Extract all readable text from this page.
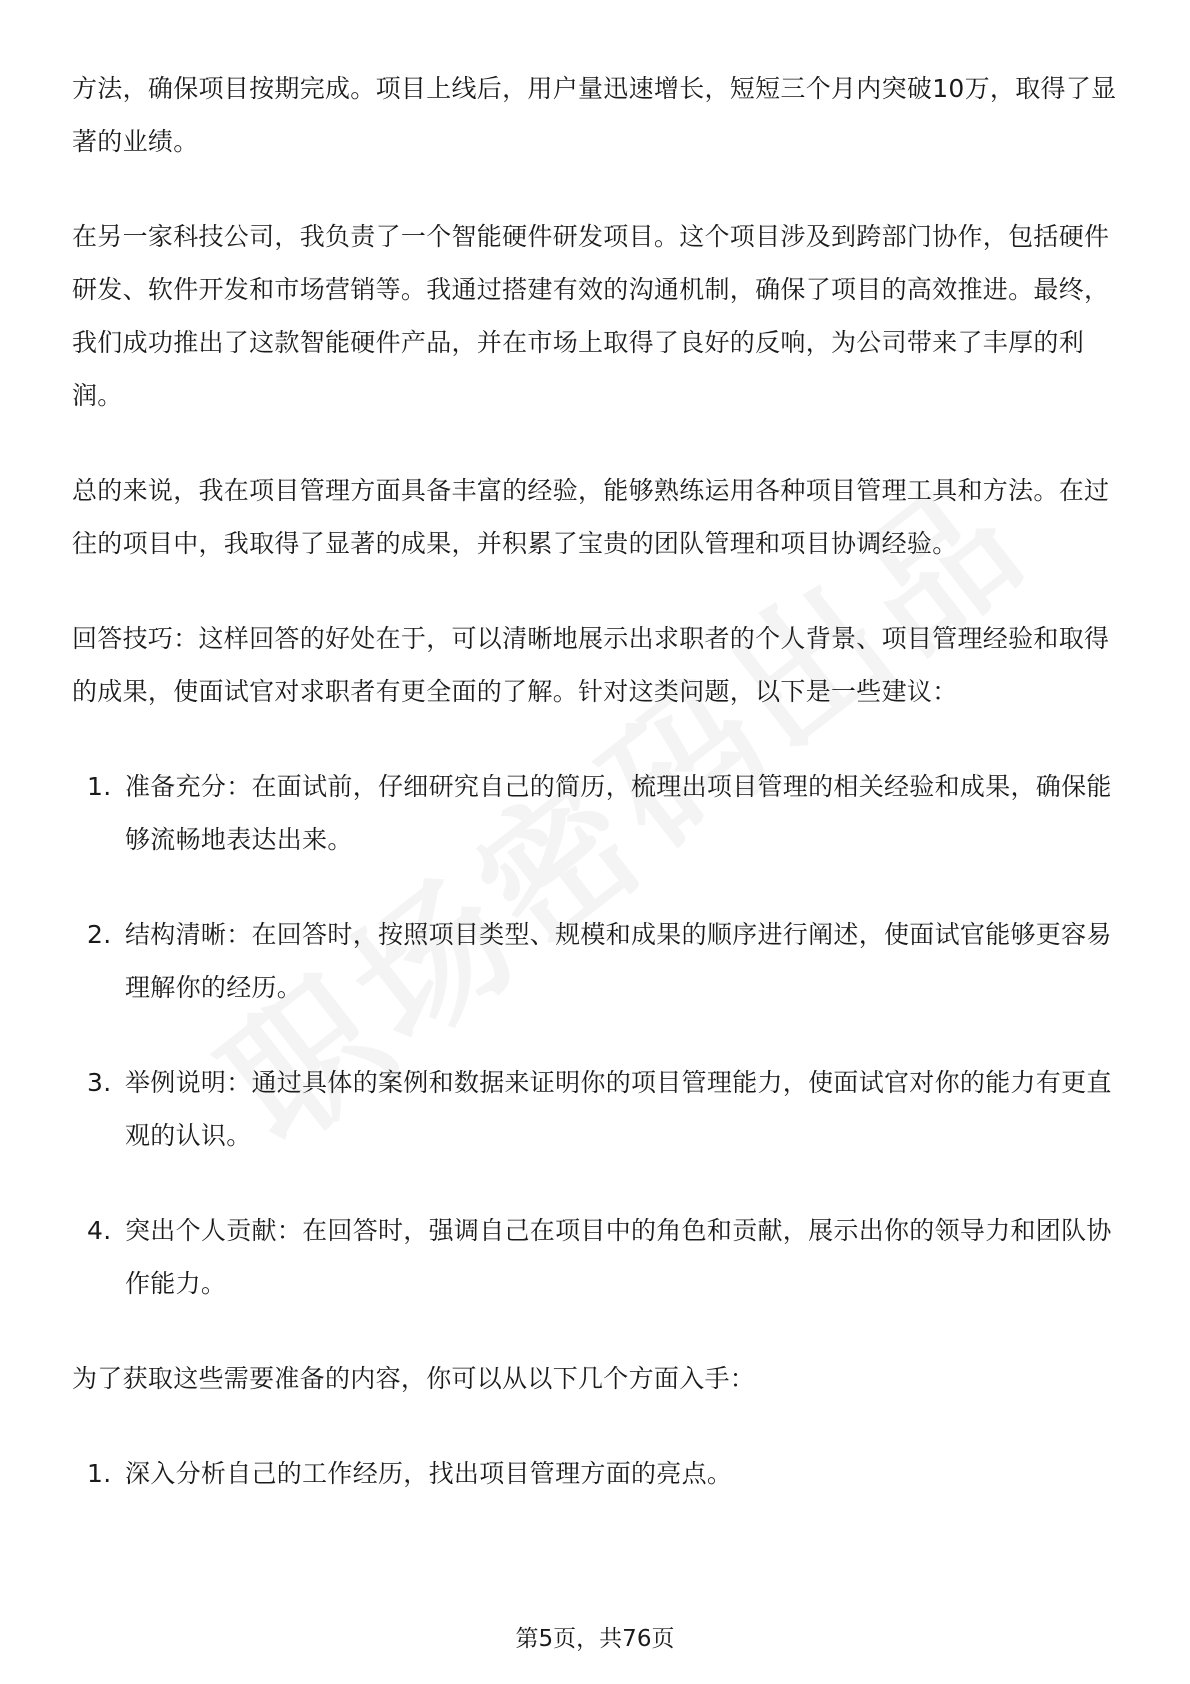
方法，确保项目按期完成。项目上线后，用户量迅速增长，短短三个月内突破10万，取得了显著的业绩。

在另一家科技公司，我负责了一个智能硬件研发项目。这个项目涉及到跨部门协作，包括硬件研发、软件开发和市场营销等。我通过搭建有效的沟通机制，确保了项目的高效推进。最终，我们成功推出了这款智能硬件产品，并在市场上取得了良好的反响，为公司带来了丰厚的利润。

总的来说，我在项目管理方面具备丰富的经验，能够熟练运用各种项目管理工具和方法。在过往的项目中，我取得了显著的成果，并积累了宝贵的团队管理和项目协调经验。

回答技巧：这样回答的好处在于，可以清晰地展示出求职者的个人背景、项目管理经验和取得的成果，使面试官对求职者有更全面的了解。针对这类问题，以下是一些建议：

1. 准备充分：在面试前，仔细研究自己的简历，梳理出项目管理的相关经验和成果，确保能够流畅地表达出来。
2. 结构清晰：在回答时，按照项目类型、规模和成果的顺序进行阐述，使面试官能够更容易理解你的经历。
3. 举例说明：通过具体的案例和数据来证明你的项目管理能力，使面试官对你的能力有更直观的认识。
4. 突出个人贡献：在回答时，强调自己在项目中的角色和贡献，展示出你的领导力和团队协作能力。

为了获取这些需要准备的内容，你可以从以下几个方面入手：

1. 深入分析自己的工作经历，找出项目管理方面的亮点。
第5页，共76页
